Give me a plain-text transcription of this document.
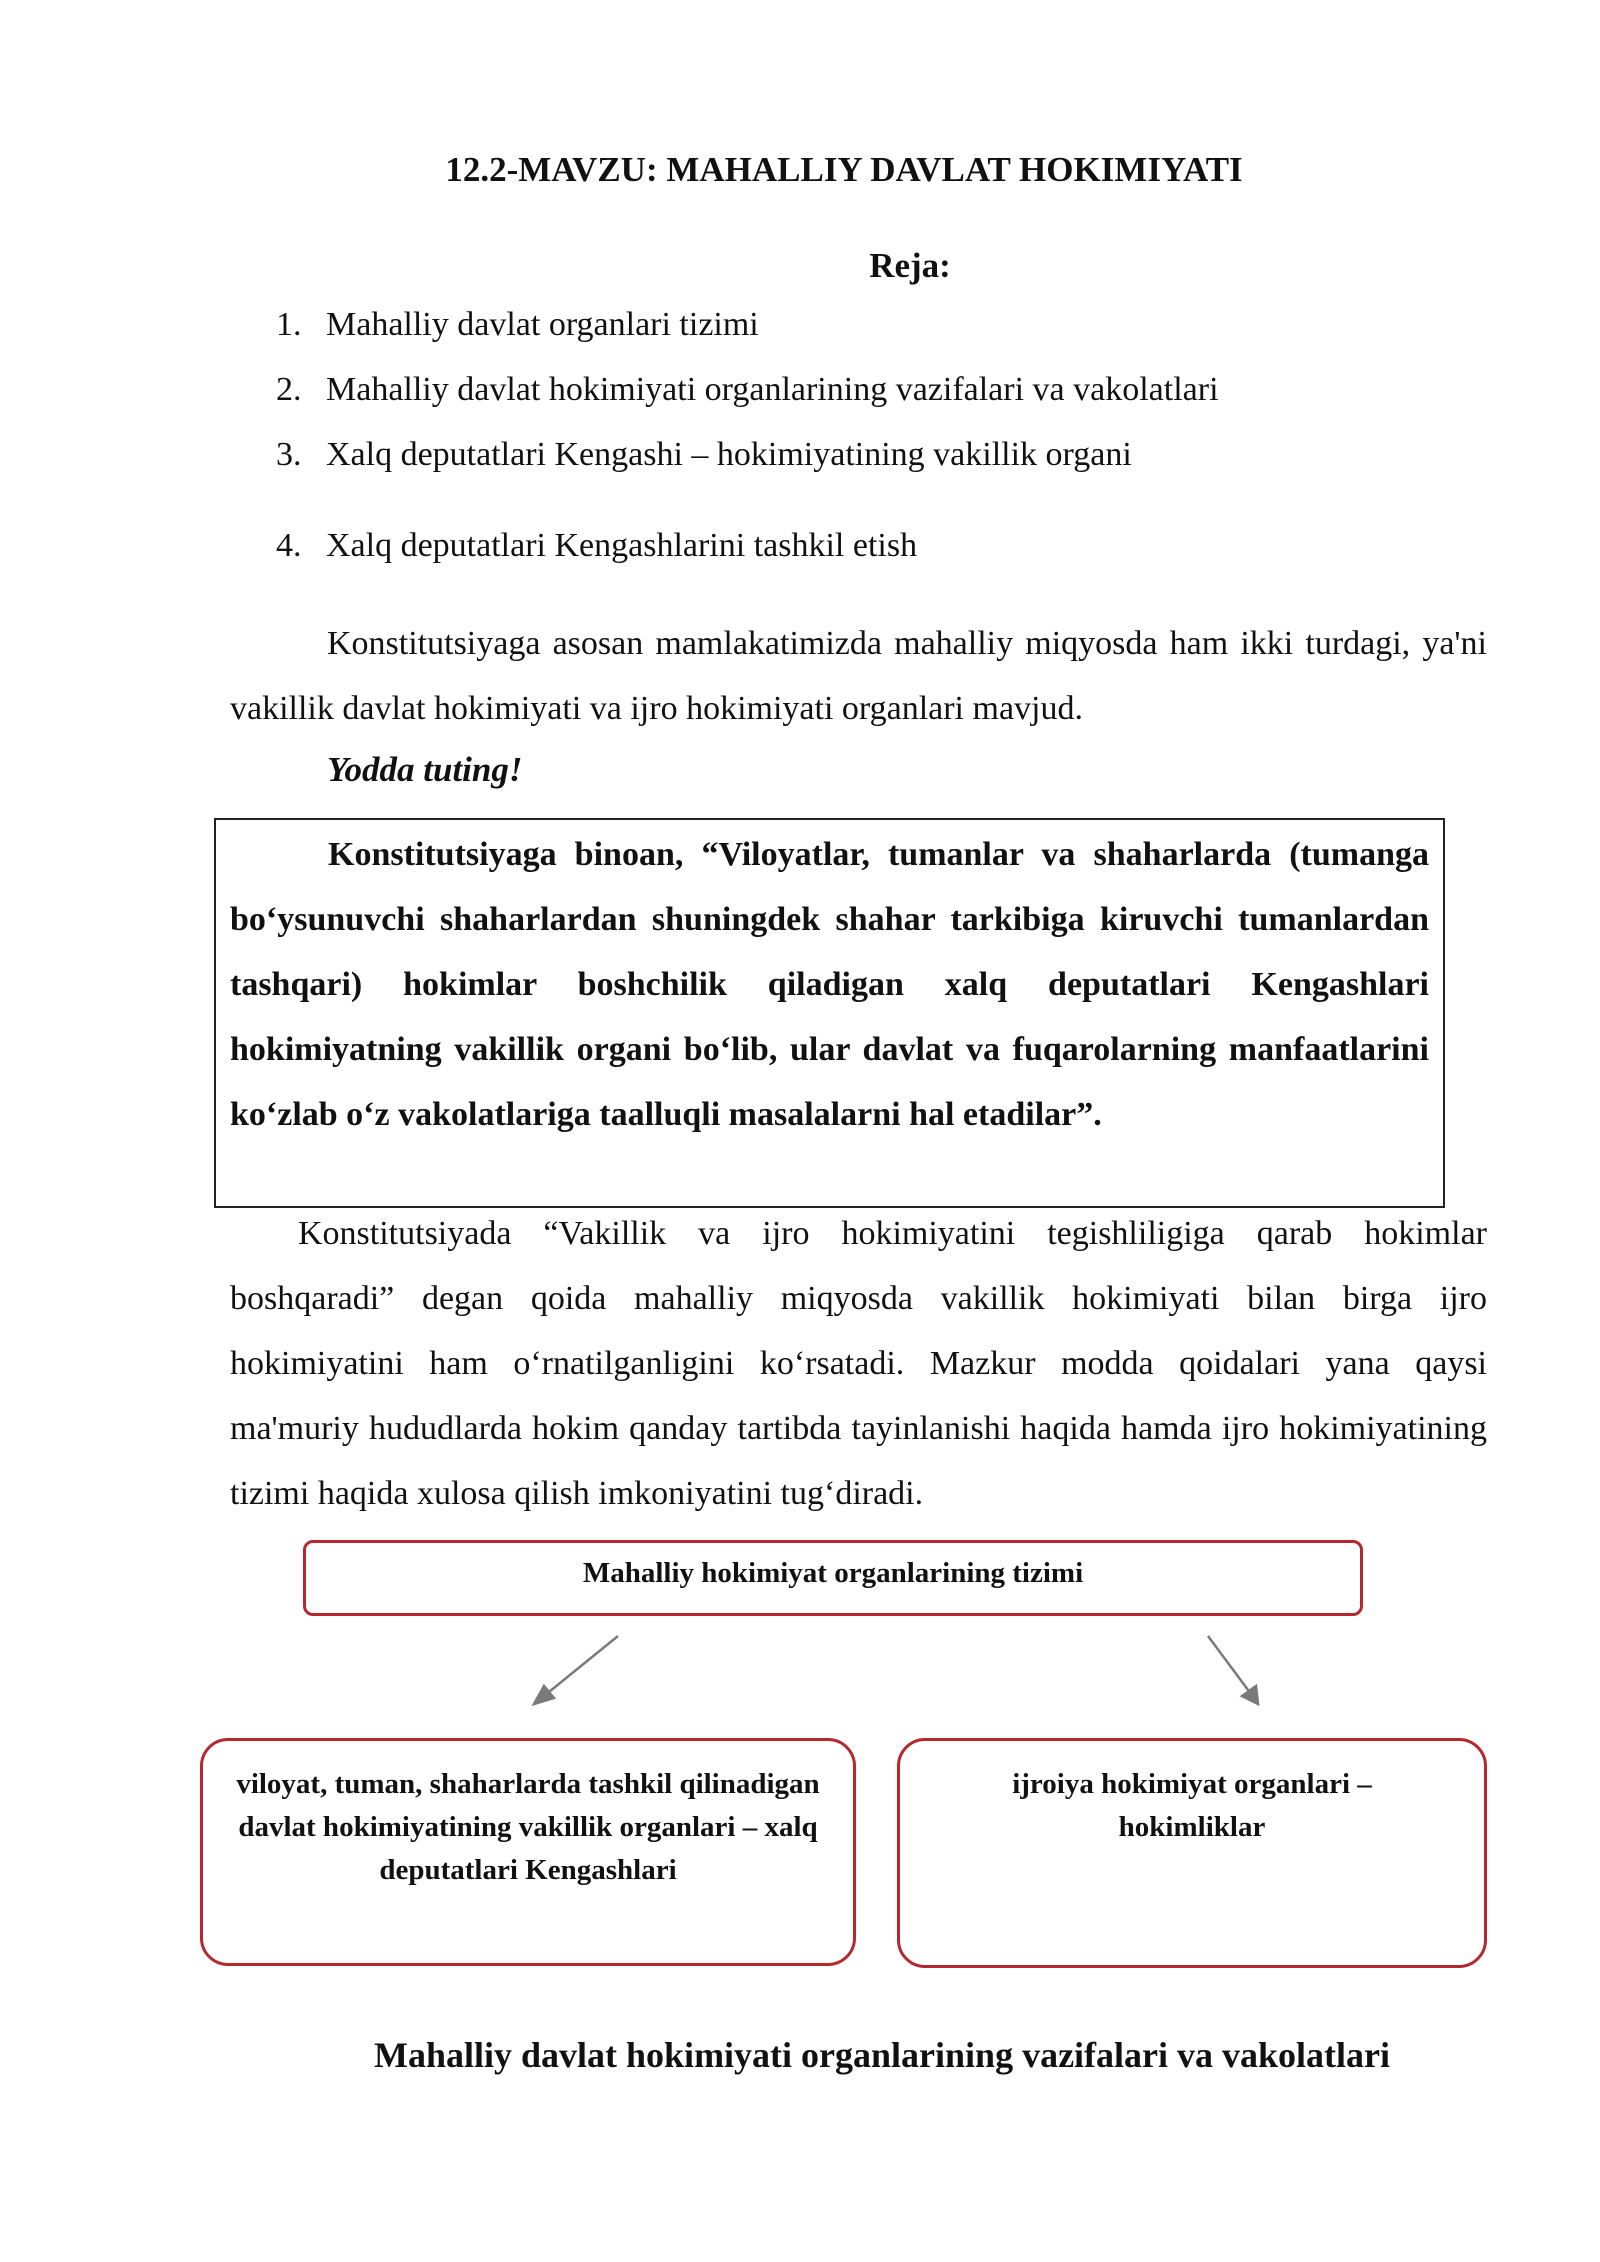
12.2-MAVZU: MAHALLIY DAVLAT HOKIMIYATI
Reja:
1. Mahalliy davlat organlari tizimi
2. Mahalliy davlat hokimiyati organlarining vazifalari va vakolatlari
3. Xalq deputatlari Kengashi – hokimiyatining vakillik organi
4. Xalq deputatlari Kengashlarini tashkil etish
Konstitutsiyaga asosan mamlakatimizda mahalliy miqyosda ham ikki turdagi, ya'ni vakillik davlat hokimiyati va ijro hokimiyati organlari mavjud.
Yodda tuting!
Konstitutsiyaga binoan, “Viloyatlar, tumanlar va shaharlarda (tumanga bo‘ysunuvchi shaharlardan shuningdek shahar tarkibiga kiruvchi tumanlardan tashqari) hokimlar boshchilik qiladigan xalq deputatlari Kengashlari hokimiyatning vakillik organi bo‘lib, ular davlat va fuqarolarning manfaatlarini ko‘zlab o‘z vakolatlariga taalluqli masalalarni hal etadilar”.
Konstitutsiyada “Vakillik va ijro hokimiyatini tegishliligiga qarab hokimlar boshqaradi” degan qoida mahalliy miqyosda vakillik hokimiyati bilan birga ijro hokimiyatini ham o‘rnatilganligini ko‘rsatadi. Mazkur modda qoidalari yana qaysi ma'muriy hududlarda hokim qanday tartibda tayinlanishi haqida hamda ijro hokimiyatining tizimi haqida xulosa qilish imkoniyatini tug‘diradi.
Mahalliy hokimiyat organlarining tizimi
viloyat, tuman, shaharlarda tashkil qilinadigan davlat hokimiyatining vakillik organlari – xalq deputatlari Kengashlari
ijroiya hokimiyat organlari – hokimliklar
Mahalliy davlat hokimiyati organlarining vazifalari va vakolatlari
